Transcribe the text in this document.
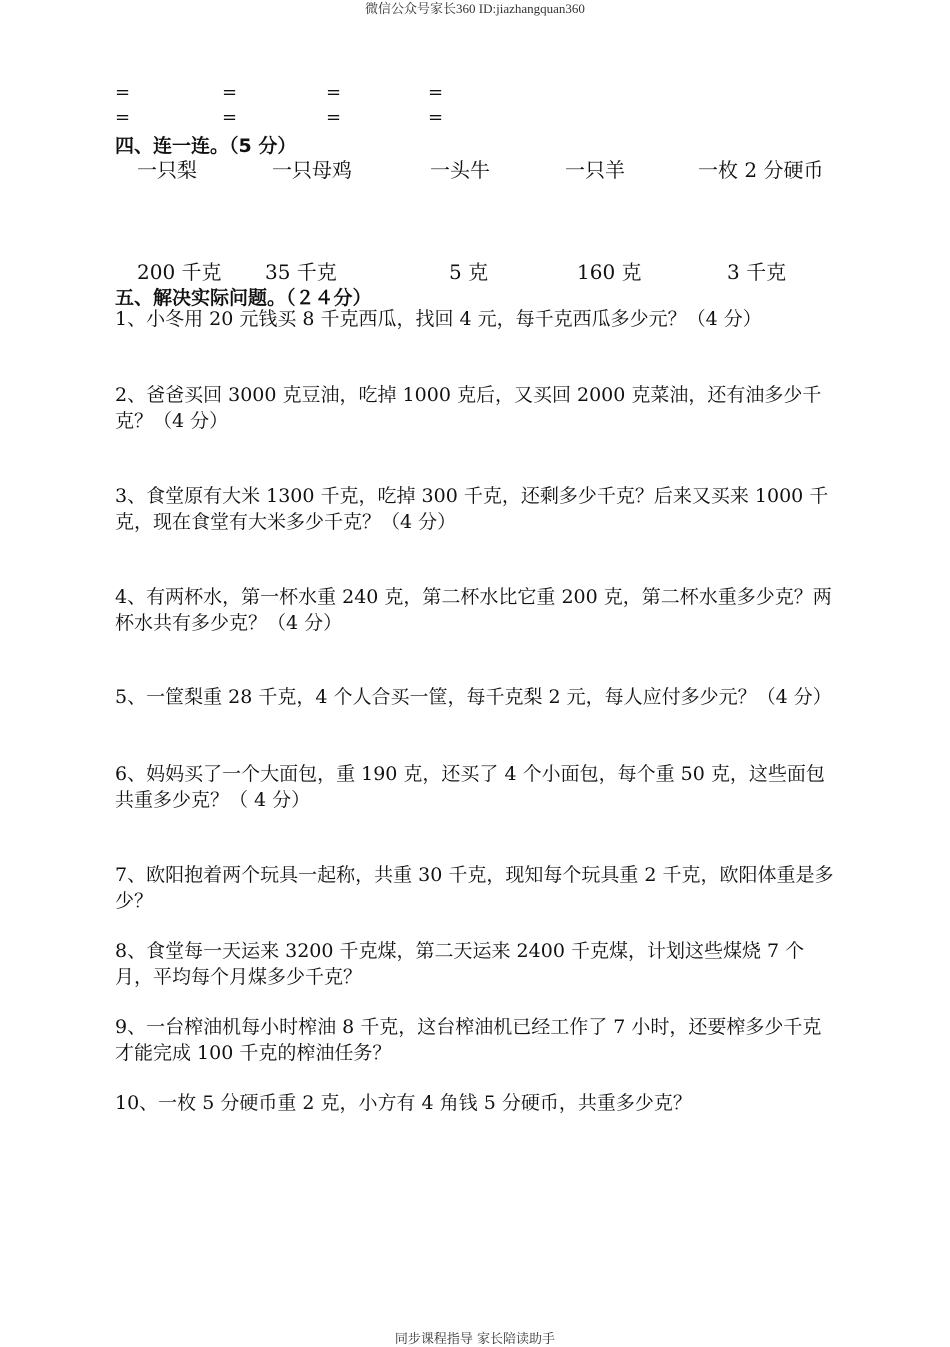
微信公众号家长360 ID:jiazhangquan360
=	=	=	=
=	=	=	=
四、连一连。（5 分）
一只梨	一只母鸡	一头牛	一只羊	一枚 2 分硬币
200 千克 35 千克	5 克	160 克	3 千克
五、解决实际问题。（２４分）
1、小冬用 20 元钱买 8 千克西瓜，找回 4 元，每千克西瓜多少元？（4 分）
2、爸爸买回 3000 克豆油，吃掉 1000 克后，又买回 2000 克菜油，还有油多少千克？（4 分）
3、食堂原有大米 1300 千克，吃掉 300 千克，还剩多少千克？后来又买来 1000 千克，现在食堂有大米多少千克？（4 分）
4、有两杯水，第一杯水重 240 克，第二杯水比它重 200 克，第二杯水重多少克？两杯水共有多少克？（4 分）
5、一筐梨重 28 千克，4 个人合买一筐，每千克梨 2 元，每人应付多少元？（4 分）
6、妈妈买了一个大面包，重 190 克，还买了 4 个小面包，每个重 50 克，这些面包共重多少克？（ 4 分）
7、欧阳抱着两个玩具一起称，共重 30 千克，现知每个玩具重 2 千克，欧阳体重是多少？
8、食堂每一天运来 3200 千克煤，第二天运来 2400 千克煤，计划这些煤烧 7 个月，平均每个月煤多少千克？
9、一台榨油机每小时榨油 8 千克，这台榨油机已经工作了 7 小时，还要榨多少千克才能完成 100 千克的榨油任务？
10、一枚 5 分硬币重 2 克，小方有 4 角钱 5 分硬币，共重多少克？
同步课程指导 家长陪读助手
